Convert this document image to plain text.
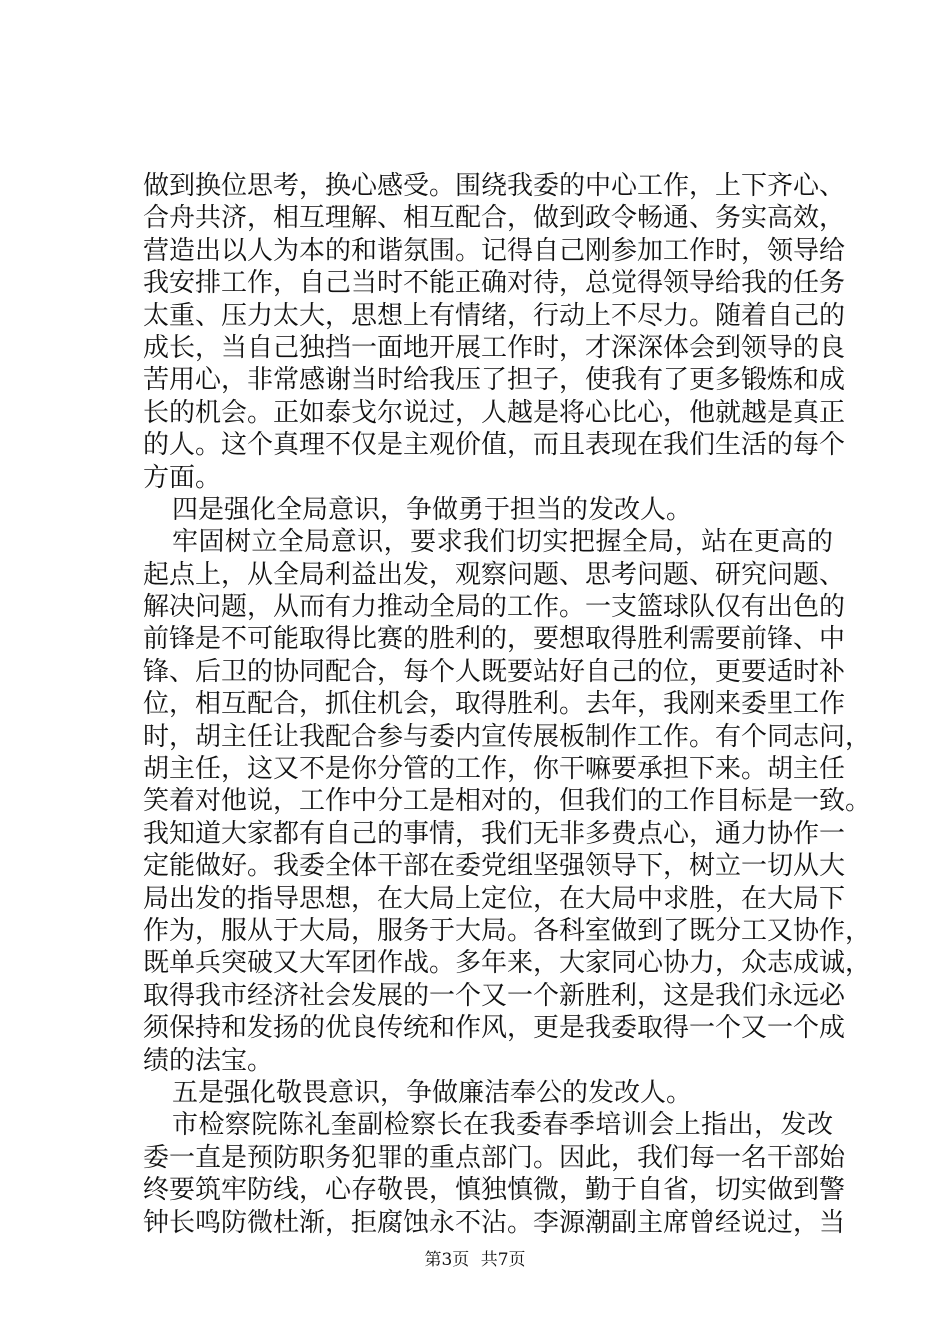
做到换位思考，换心感受。围绕我委的中心工作，上下齐心、
合舟共济，相互理解、相互配合，做到政令畅通、务实高效，
营造出以人为本的和谐氛围。记得自己刚参加工作时，领导给
我安排工作，自己当时不能正确对待，总觉得领导给我的任务
太重、压力太大，思想上有情绪，行动上不尽力。随着自己的
成长，当自己独挡一面地开展工作时，才深深体会到领导的良
苦用心，非常感谢当时给我压了担子，使我有了更多锻炼和成
长的机会。正如泰戈尔说过，人越是将心比心，他就越是真正
的人。这个真理不仅是主观价值，而且表现在我们生活的每个
方面。
四是强化全局意识，争做勇于担当的发改人。
牢固树立全局意识，要求我们切实把握全局，站在更高的
起点上，从全局利益出发，观察问题、思考问题、研究问题、
解决问题，从而有力推动全局的工作。一支篮球队仅有出色的
前锋是不可能取得比赛的胜利的，要想取得胜利需要前锋、中
锋、后卫的协同配合，每个人既要站好自己的位，更要适时补
位，相互配合，抓住机会，取得胜利。去年，我刚来委里工作
时，胡主任让我配合参与委内宣传展板制作工作。有个同志问，
胡主任，这又不是你分管的工作，你干嘛要承担下来。胡主任
笑着对他说，工作中分工是相对的，但我们的工作目标是一致。
我知道大家都有自己的事情，我们无非多费点心，通力协作一
定能做好。我委全体干部在委党组坚强领导下，树立一切从大
局出发的指导思想，在大局上定位，在大局中求胜，在大局下
作为，服从于大局，服务于大局。各科室做到了既分工又协作，
既单兵突破又大军团作战。多年来，大家同心协力，众志成诚，
取得我市经济社会发展的一个又一个新胜利，这是我们永远必
须保持和发扬的优良传统和作风，更是我委取得一个又一个成
绩的法宝。
五是强化敬畏意识，争做廉洁奉公的发改人。
市检察院陈礼奎副检察长在我委春季培训会上指出，发改
委一直是预防职务犯罪的重点部门。因此，我们每一名干部始
终要筑牢防线，心存敬畏，慎独慎微，勤于自省，切实做到警
钟长鸣防微杜渐，拒腐蚀永不沾。李源潮副主席曾经说过，当
第3页 共7页
